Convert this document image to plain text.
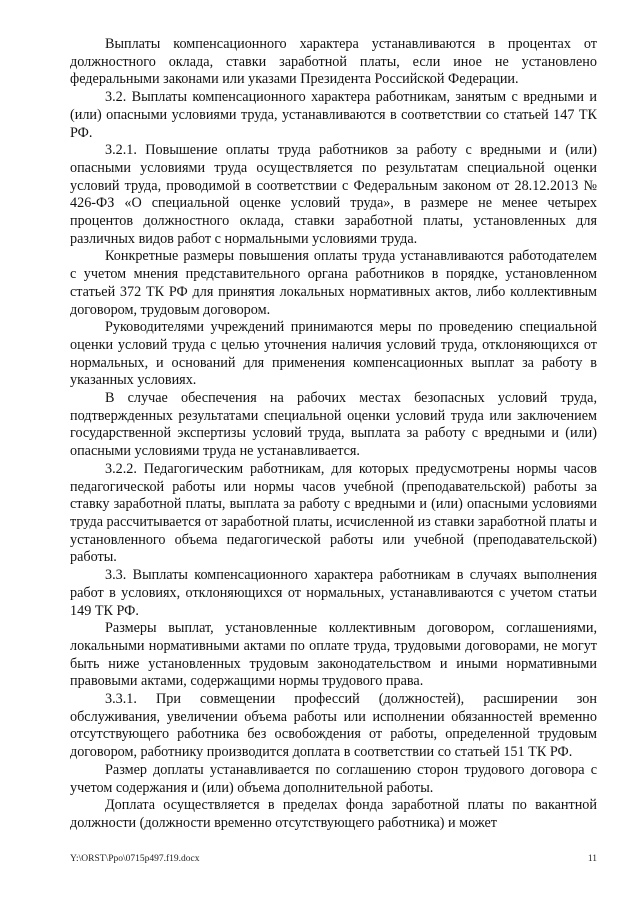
Выплаты компенсационного характера устанавливаются в процентах от должностного оклада, ставки заработной платы, если иное не установлено федеральными законами или указами Президента Российской Федерации.

3.2. Выплаты компенсационного характера работникам, занятым с вредными и (или) опасными условиями труда, устанавливаются в соответствии со статьей 147 ТК РФ.

3.2.1. Повышение оплаты труда работников за работу с вредными и (или) опасными условиями труда осуществляется по результатам специальной оценки условий труда, проводимой в соответствии с Федеральным законом от 28.12.2013 № 426-ФЗ «О специальной оценке условий труда», в размере не менее четырех процентов должностного оклада, ставки заработной платы, установленных для различных видов работ с нормальными условиями труда.

Конкретные размеры повышения оплаты труда устанавливаются работодателем с учетом мнения представительного органа работников в порядке, установленном статьей 372 ТК РФ для принятия локальных нормативных актов, либо коллективным договором, трудовым договором.

Руководителями учреждений принимаются меры по проведению специальной оценки условий труда с целью уточнения наличия условий труда, отклоняющихся от нормальных, и оснований для применения компенсационных выплат за работу в указанных условиях.

В случае обеспечения на рабочих местах безопасных условий труда, подтвержденных результатами специальной оценки условий труда или заключением государственной экспертизы условий труда, выплата за работу с вредными и (или) опасными условиями труда не устанавливается.

3.2.2. Педагогическим работникам, для которых предусмотрены нормы часов педагогической работы или нормы часов учебной (преподавательской) работы за ставку заработной платы, выплата за работу с вредными и (или) опасными условиями труда рассчитывается от заработной платы, исчисленной из ставки заработной платы и установленного объема педагогической работы или учебной (преподавательской) работы.

3.3. Выплаты компенсационного характера работникам в случаях выполнения работ в условиях, отклоняющихся от нормальных, устанавливаются с учетом статьи 149 ТК РФ.

Размеры выплат, установленные коллективным договором, соглашениями, локальными нормативными актами по оплате труда, трудовыми договорами, не могут быть ниже установленных трудовым законодательством и иными нормативными правовыми актами, содержащими нормы трудового права.

3.3.1. При совмещении профессий (должностей), расширении зон обслуживания, увеличении объема работы или исполнении обязанностей временно отсутствующего работника без освобождения от работы, определенной трудовым договором, работнику производится доплата в соответствии со статьей 151 ТК РФ.

Размер доплаты устанавливается по соглашению сторон трудового договора с учетом содержания и (или) объема дополнительной работы.

Доплата осуществляется в пределах фонда заработной платы по вакантной должности (должности временно отсутствующего работника) и может

Y:\ORST\Ppo\0715p497.f19.docx	11
